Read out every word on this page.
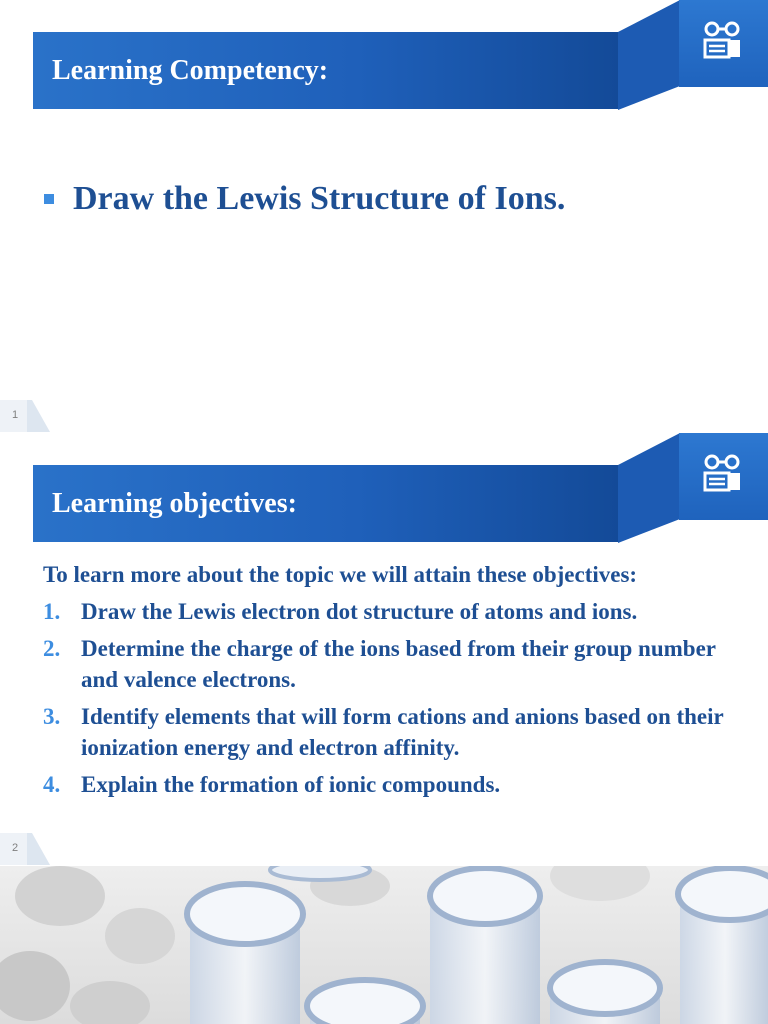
Learning Competency:
Draw the Lewis Structure of Ions.
1
Learning objectives:

To learn more about the topic we will attain these objectives:

1. Draw the Lewis electron dot structure of atoms and ions.
2. Determine the charge of the ions based from their group number and valence electrons.
3. Identify elements that will form cations and anions based on their ionization energy and electron affinity.
4. Explain the formation of ionic compounds.
2
